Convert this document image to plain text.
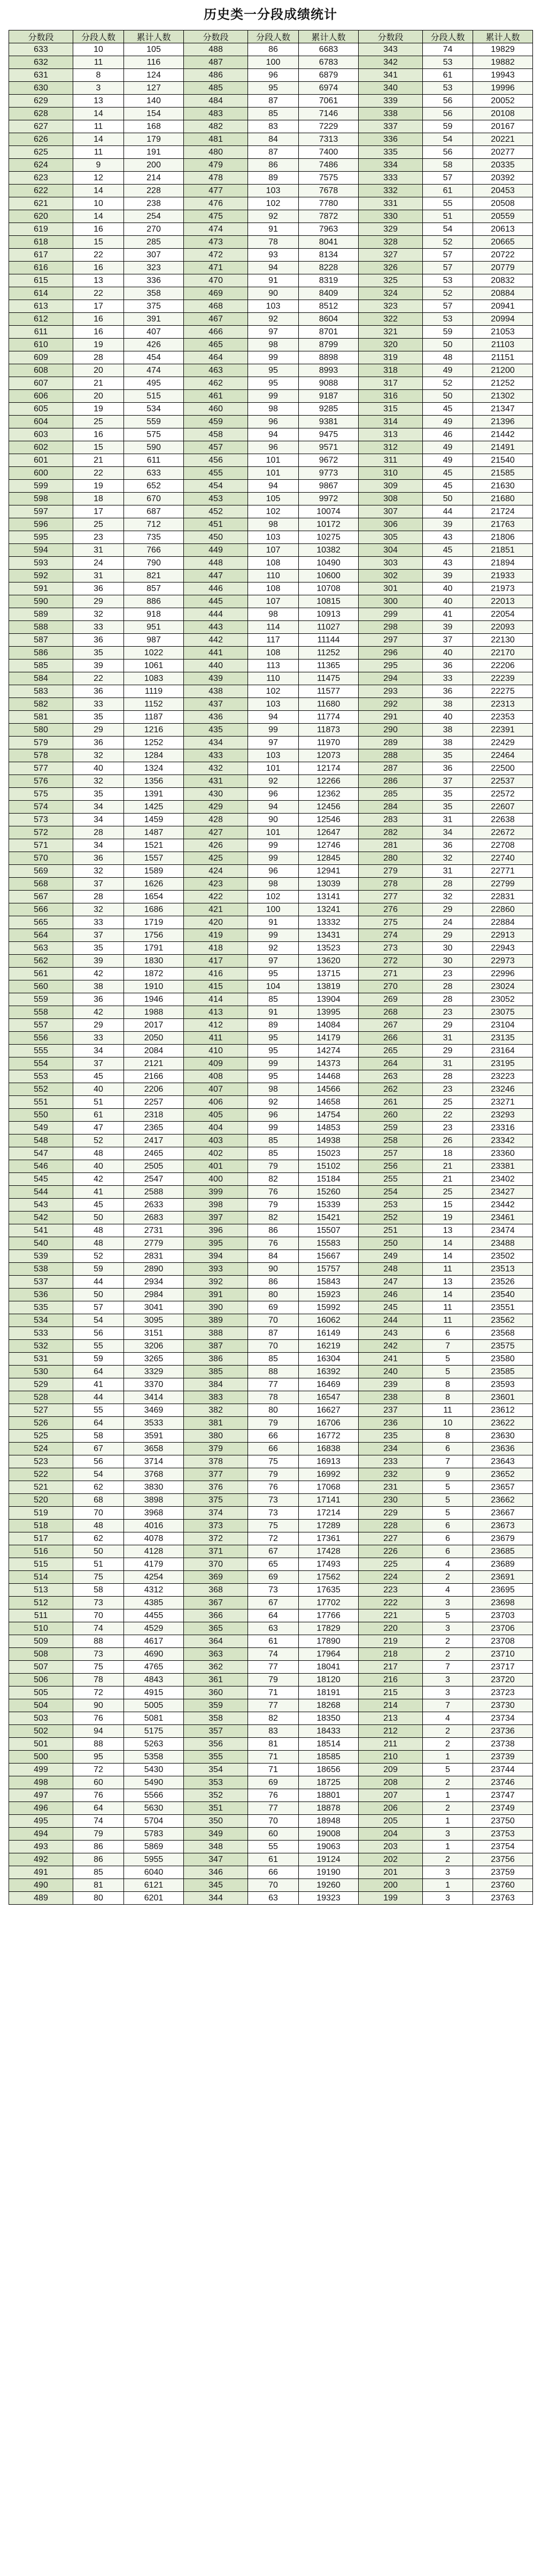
历史类一分段成绩统计
分数段	分段人数	累计人数	分数段	分段人数	累计人数	分数段	分段人数	累计人数
633	10	105	488	86	6683	343	74	19829
632	11	116	487	100	6783	342	53	19882
631	8	124	486	96	6879	341	61	19943
630	3	127	485	95	6974	340	53	19996
629	13	140	484	87	7061	339	56	20052
628	14	154	483	85	7146	338	56	20108
627	11	168	482	83	7229	337	59	20167
626	14	179	481	84	7313	336	54	20221
625	11	191	480	87	7400	335	56	20277
624	9	200	479	86	7486	334	58	20335
623	12	214	478	89	7575	333	57	20392
622	14	228	477	103	7678	332	61	20453
621	10	238	476	102	7780	331	55	20508
620	14	254	475	92	7872	330	51	20559
619	16	270	474	91	7963	329	54	20613
618	15	285	473	78	8041	328	52	20665
617	22	307	472	93	8134	327	57	20722
616	16	323	471	94	8228	326	57	20779
615	13	336	470	91	8319	325	53	20832
614	22	358	469	90	8409	324	52	20884
613	17	375	468	103	8512	323	57	20941
612	16	391	467	92	8604	322	53	20994
611	16	407	466	97	8701	321	59	21053
610	19	426	465	98	8799	320	50	21103
609	28	454	464	99	8898	319	48	21151
608	20	474	463	95	8993	318	49	21200
607	21	495	462	95	9088	317	52	21252
606	20	515	461	99	9187	316	50	21302
605	19	534	460	98	9285	315	45	21347
604	25	559	459	96	9381	314	49	21396
603	16	575	458	94	9475	313	46	21442
602	15	590	457	96	9571	312	49	21491
601	21	611	456	101	9672	311	49	21540
600	22	633	455	101	9773	310	45	21585
599	19	652	454	94	9867	309	45	21630
598	18	670	453	105	9972	308	50	21680
597	17	687	452	102	10074	307	44	21724
596	25	712	451	98	10172	306	39	21763
595	23	735	450	103	10275	305	43	21806
594	31	766	449	107	10382	304	45	21851
593	24	790	448	108	10490	303	43	21894
592	31	821	447	110	10600	302	39	21933
591	36	857	446	108	10708	301	40	21973
590	29	886	445	107	10815	300	40	22013
589	32	918	444	98	10913	299	41	22054
588	33	951	443	114	11027	298	39	22093
587	36	987	442	117	11144	297	37	22130
586	35	1022	441	108	11252	296	40	22170
585	39	1061	440	113	11365	295	36	22206
584	22	1083	439	110	11475	294	33	22239
583	36	1119	438	102	11577	293	36	22275
582	33	1152	437	103	11680	292	38	22313
581	35	1187	436	94	11774	291	40	22353
580	29	1216	435	99	11873	290	38	22391
579	36	1252	434	97	11970	289	38	22429
578	32	1284	433	103	12073	288	35	22464
577	40	1324	432	101	12174	287	36	22500
576	32	1356	431	92	12266	286	37	22537
575	35	1391	430	96	12362	285	35	22572
574	34	1425	429	94	12456	284	35	22607
573	34	1459	428	90	12546	283	31	22638
572	28	1487	427	101	12647	282	34	22672
571	34	1521	426	99	12746	281	36	22708
570	36	1557	425	99	12845	280	32	22740
569	32	1589	424	96	12941	279	31	22771
568	37	1626	423	98	13039	278	28	22799
567	28	1654	422	102	13141	277	32	22831
566	32	1686	421	100	13241	276	29	22860
565	33	1719	420	91	13332	275	24	22884
564	37	1756	419	99	13431	274	29	22913
563	35	1791	418	92	13523	273	30	22943
562	39	1830	417	97	13620	272	30	22973
561	42	1872	416	95	13715	271	23	22996
560	38	1910	415	104	13819	270	28	23024
559	36	1946	414	85	13904	269	28	23052
558	42	1988	413	91	13995	268	23	23075
557	29	2017	412	89	14084	267	29	23104
556	33	2050	411	95	14179	266	31	23135
555	34	2084	410	95	14274	265	29	23164
554	37	2121	409	99	14373	264	31	23195
553	45	2166	408	95	14468	263	28	23223
552	40	2206	407	98	14566	262	23	23246
551	51	2257	406	92	14658	261	25	23271
550	61	2318	405	96	14754	260	22	23293
549	47	2365	404	99	14853	259	23	23316
548	52	2417	403	85	14938	258	26	23342
547	48	2465	402	85	15023	257	18	23360
546	40	2505	401	79	15102	256	21	23381
545	42	2547	400	82	15184	255	21	23402
544	41	2588	399	76	15260	254	25	23427
543	45	2633	398	79	15339	253	15	23442
542	50	2683	397	82	15421	252	19	23461
541	48	2731	396	86	15507	251	13	23474
540	48	2779	395	76	15583	250	14	23488
539	52	2831	394	84	15667	249	14	23502
538	59	2890	393	90	15757	248	11	23513
537	44	2934	392	86	15843	247	13	23526
536	50	2984	391	80	15923	246	14	23540
535	57	3041	390	69	15992	245	11	23551
534	54	3095	389	70	16062	244	11	23562
533	56	3151	388	87	16149	243	6	23568
532	55	3206	387	70	16219	242	7	23575
531	59	3265	386	85	16304	241	5	23580
530	64	3329	385	88	16392	240	5	23585
529	41	3370	384	77	16469	239	8	23593
528	44	3414	383	78	16547	238	8	23601
527	55	3469	382	80	16627	237	11	23612
526	64	3533	381	79	16706	236	10	23622
525	58	3591	380	66	16772	235	8	23630
524	67	3658	379	66	16838	234	6	23636
523	56	3714	378	75	16913	233	7	23643
522	54	3768	377	79	16992	232	9	23652
521	62	3830	376	76	17068	231	5	23657
520	68	3898	375	73	17141	230	5	23662
519	70	3968	374	73	17214	229	5	23667
518	48	4016	373	75	17289	228	6	23673
517	62	4078	372	72	17361	227	6	23679
516	50	4128	371	67	17428	226	6	23685
515	51	4179	370	65	17493	225	4	23689
514	75	4254	369	69	17562	224	2	23691
513	58	4312	368	73	17635	223	4	23695
512	73	4385	367	67	17702	222	3	23698
511	70	4455	366	64	17766	221	5	23703
510	74	4529	365	63	17829	220	3	23706
509	88	4617	364	61	17890	219	2	23708
508	73	4690	363	74	17964	218	2	23710
507	75	4765	362	77	18041	217	7	23717
506	78	4843	361	79	18120	216	3	23720
505	72	4915	360	71	18191	215	3	23723
504	90	5005	359	77	18268	214	7	23730
503	76	5081	358	82	18350	213	4	23734
502	94	5175	357	83	18433	212	2	23736
501	88	5263	356	81	18514	211	2	23738
500	95	5358	355	71	18585	210	1	23739
499	72	5430	354	71	18656	209	5	23744
498	60	5490	353	69	18725	208	2	23746
497	76	5566	352	76	18801	207	1	23747
496	64	5630	351	77	18878	206	2	23749
495	74	5704	350	70	18948	205	1	23750
494	79	5783	349	60	19008	204	3	23753
493	86	5869	348	55	19063	203	1	23754
492	86	5955	347	61	19124	202	2	23756
491	85	6040	346	66	19190	201	3	23759
490	81	6121	345	70	19260	200	1	23760
489	80	6201	344	63	19323	199	3	23763
